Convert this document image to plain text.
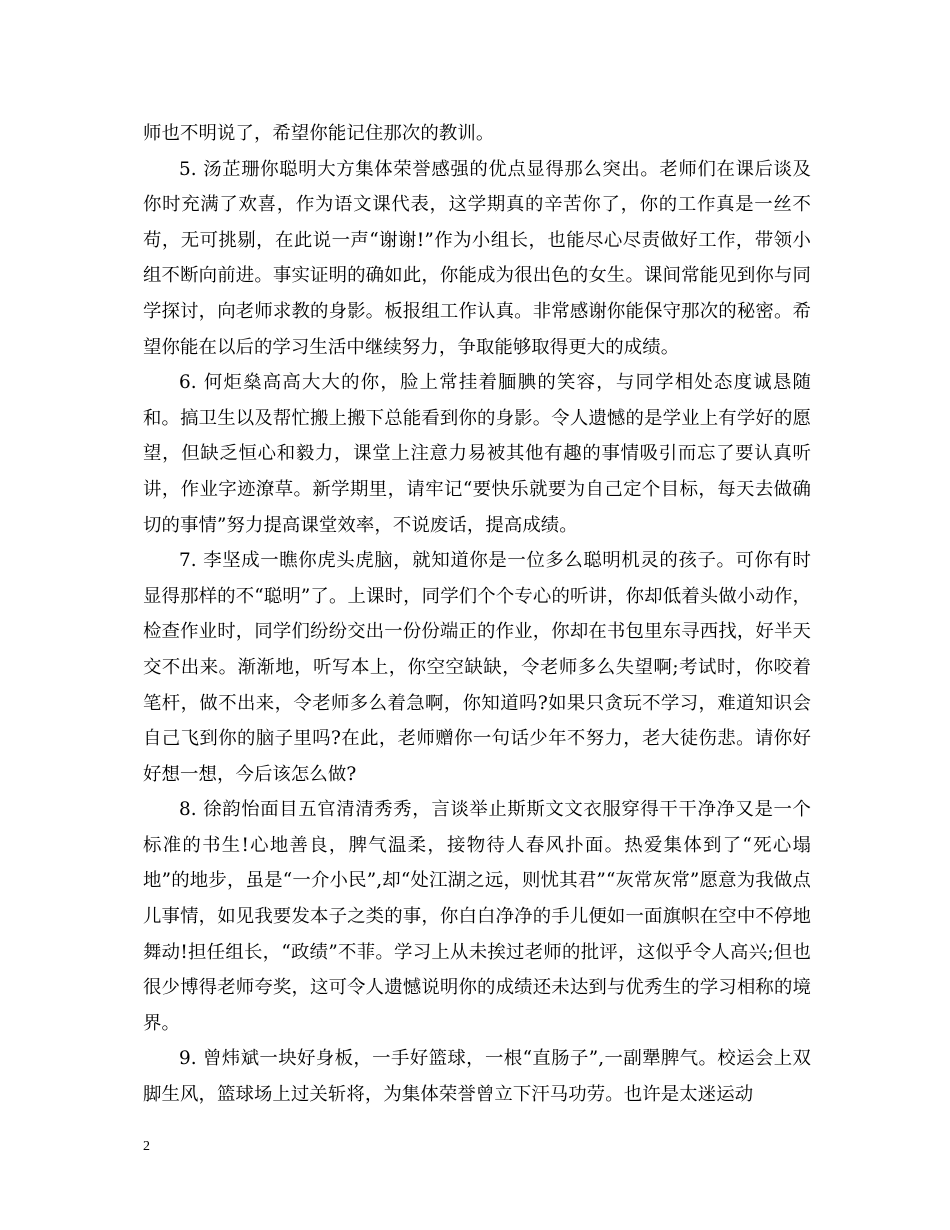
师也不明说了，希望你能记住那次的教训。

5. 汤芷珊你聪明大方集体荣誉感强的优点显得那么突出。老师们在课后谈及你时充满了欢喜，作为语文课代表，这学期真的辛苦你了，你的工作真是一丝不苟，无可挑剔，在此说一声“谢谢!”作为小组长，也能尽心尽责做好工作，带领小组不断向前进。事实证明的确如此，你能成为很出色的女生。课间常能见到你与同学探讨，向老师求教的身影。板报组工作认真。非常感谢你能保守那次的秘密。希望你能在以后的学习生活中继续努力，争取能够取得更大的成绩。

6. 何炬燊高高大大的你，脸上常挂着腼腆的笑容，与同学相处态度诚恳随和。搞卫生以及帮忙搬上搬下总能看到你的身影。令人遗憾的是学业上有学好的愿望，但缺乏恒心和毅力，课堂上注意力易被其他有趣的事情吸引而忘了要认真听讲，作业字迹潦草。新学期里，请牢记“要快乐就要为自己定个目标，每天去做确切的事情”努力提高课堂效率，不说废话，提高成绩。

7. 李坚成一瞧你虎头虎脑，就知道你是一位多么聪明机灵的孩子。可你有时显得那样的不“聪明”了。上课时，同学们个个专心的听讲，你却低着头做小动作，检查作业时，同学们纷纷交出一份份端正的作业，你却在书包里东寻西找，好半天交不出来。渐渐地，听写本上，你空空缺缺，令老师多么失望啊;考试时，你咬着笔杆，做不出来，令老师多么着急啊，你知道吗?如果只贪玩不学习，难道知识会自己飞到你的脑子里吗?在此，老师赠你一句话少年不努力，老大徒伤悲。请你好好想一想，今后该怎么做?

8. 徐韵怡面目五官清清秀秀，言谈举止斯斯文文衣服穿得干干净净又是一个标准的书生!心地善良，脾气温柔，接物待人春风扑面。热爱集体到了“死心塌地”的地步，虽是“一介小民”,却“处江湖之远，则忧其君”“灰常灰常”愿意为我做点儿事情，如见我要发本子之类的事，你白白净净的手儿便如一面旗帜在空中不停地舞动!担任组长，“政绩”不菲。学习上从未挨过老师的批评，这似乎令人高兴;但也很少博得老师夸奖，这可令人遗憾说明你的成绩还未达到与优秀生的学习相称的境界。

9. 曾炜斌一块好身板，一手好篮球，一根“直肠子”,一副犟脾气。校运会上双脚生风，篮球场上过关斩将，为集体荣誉曾立下汗马功劳。也许是太迷运动

2
